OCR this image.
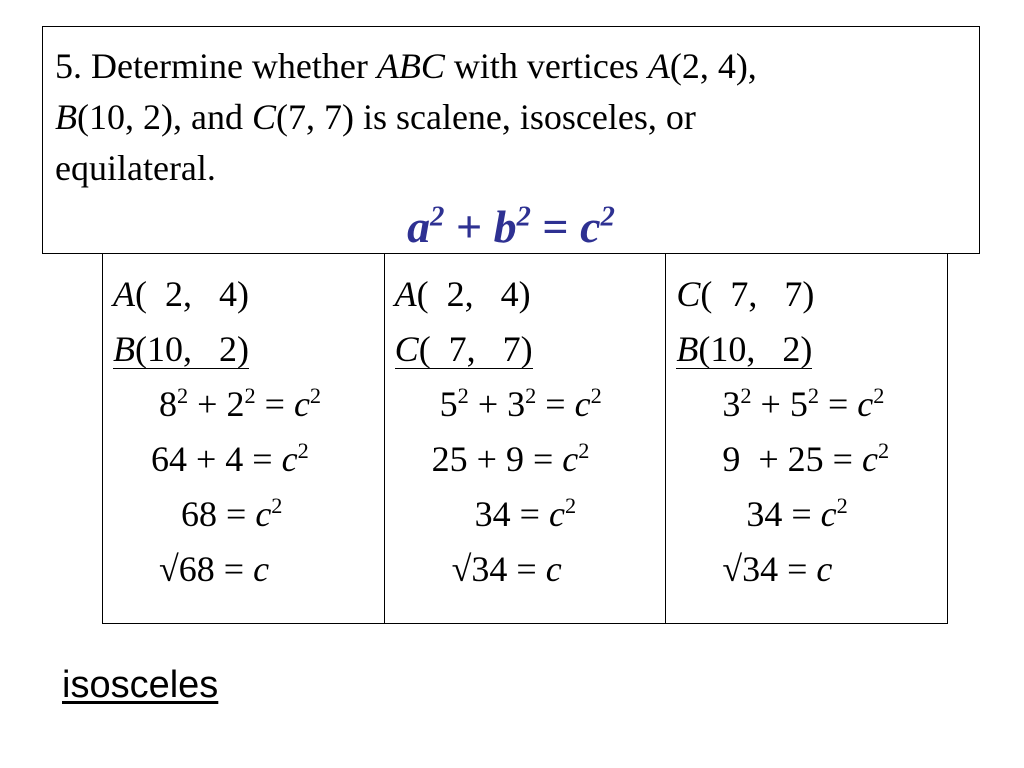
5. Determine whether ABC with vertices A(2, 4),
B(10, 2), and C(7, 7) is scalene, isosceles, or
equilateral.

$a^2 + b^2 = c^2$
A(  2,   4)
B(10,   2)
$8^2 + 2^2 = c^2$
$64 + 4 = c^2$
$68 = c^2$
√68 = c
A(  2,   4)
C(  7,   7)
$5^2 + 3^2 = c^2$
$25 + 9 = c^2$
$34 = c^2$
√34 = c
C(  7,   7)
B(10,   2)
$3^2 + 5^2 = c^2$
$9 + 25 = c^2$
$34 = c^2$
√34 = c
isosceles
